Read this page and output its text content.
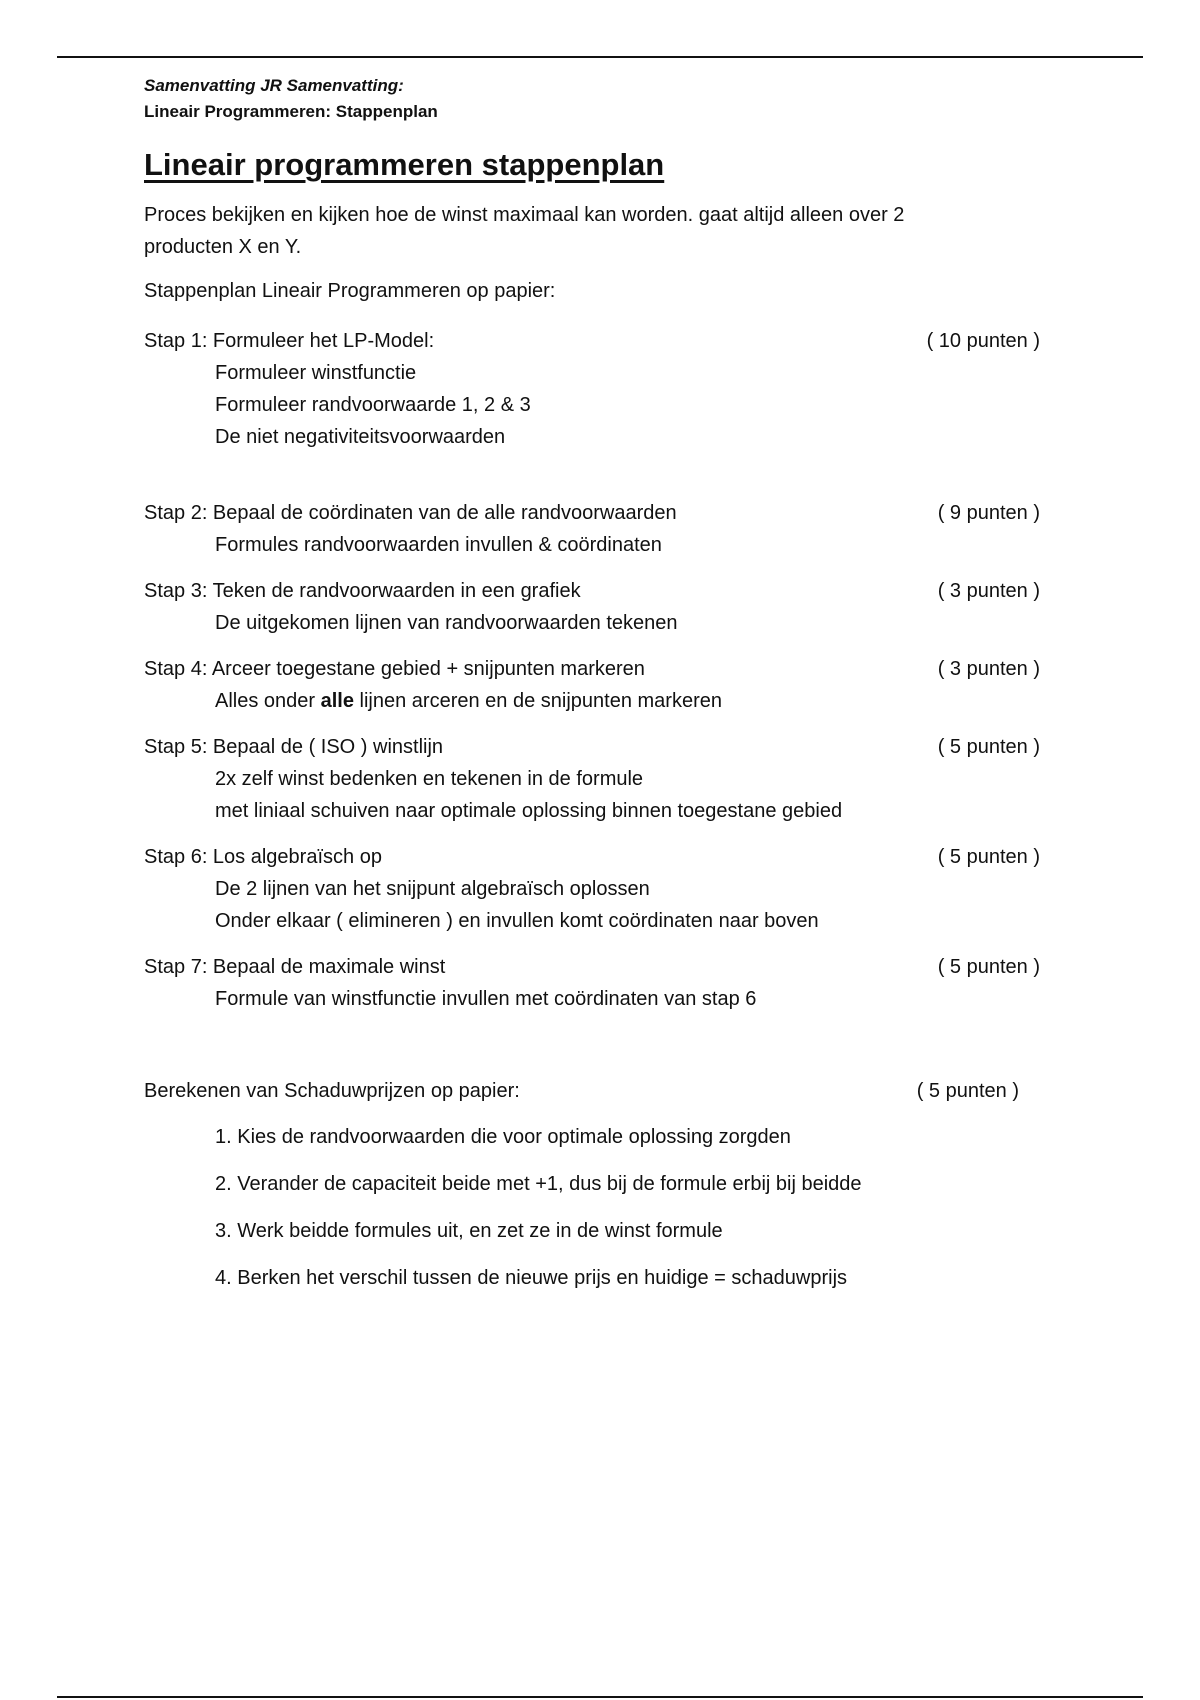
Samenvatting JR Samenvatting:
Lineair Programmeren: Stappenplan
Lineair programmeren stappenplan
Proces bekijken en kijken hoe de winst maximaal kan worden. gaat altijd alleen over 2
producten X en Y.
Stappenplan Lineair Programmeren op papier:
Stap 1: Formuleer het LP-Model:	( 10 punten )
Formuleer winstfunctie
Formuleer randvoorwaarde 1, 2 & 3
De niet negativiteitsvoorwaarden
Stap 2: Bepaal de coördinaten van de alle randvoorwaarden	( 9 punten )
Formules randvoorwaarden invullen & coördinaten
Stap 3: Teken de randvoorwaarden in een grafiek	( 3 punten )
De uitgekomen lijnen van randvoorwaarden tekenen
Stap 4: Arceer toegestane gebied + snijpunten markeren	( 3 punten )
Alles onder alle lijnen arceren en de snijpunten markeren
Stap 5: Bepaal de ( ISO ) winstlijn	( 5 punten )
2x zelf winst bedenken en tekenen in de formule
met liniaal schuiven naar optimale oplossing binnen toegestane gebied
Stap 6: Los algebraïsch op	( 5 punten )
De 2 lijnen van het snijpunt algebraïsch oplossen
Onder elkaar ( elimineren ) en invullen komt coördinaten naar boven
Stap 7: Bepaal de maximale winst	( 5 punten )
Formule van winstfunctie invullen met coördinaten van stap 6
Berekenen van Schaduwprijzen op papier:	( 5 punten )
1. Kies de randvoorwaarden die voor optimale oplossing zorgden
2. Verander de capaciteit beide met +1, dus bij de formule erbij bij beidde
3. Werk beidde formules uit, en zet ze in de winst formule
4. Berken het verschil tussen de nieuwe prijs en huidige = schaduwprijs
